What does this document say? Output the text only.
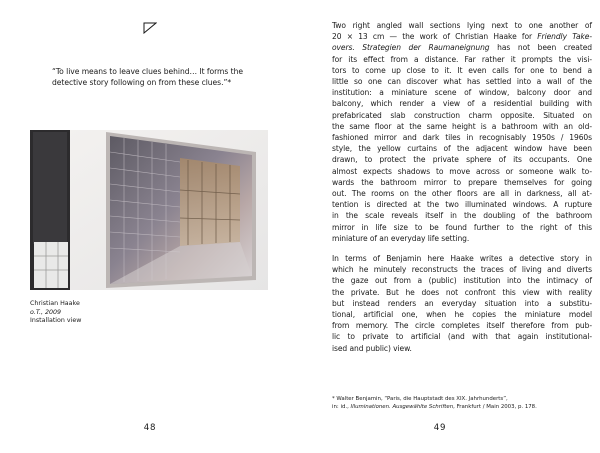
“To live means to leave clues behind… It forms the detective story following on from these clues.”*
Christian Haake
o.T., 2009
Installation view
48
Two right angled wall sections lying next to one another of
20 × 13 cm — the work of Christian Haake for Friendly Take-
overs. Strategien der Raumaneignung has not been created
for its effect from a distance. Far rather it prompts the visi-
tors to come up close to it. It even calls for one to bend a
little so one can discover what has settled into a wall of the
institution: a miniature scene of window, balcony door and
balcony, which render a view of a residential building with
prefabricated slab construction charm opposite. Situated on
the same floor at the same height is a bathroom with an old-
fashioned mirror and dark tiles in recognisably 1950s / 1960s
style, the yellow curtains of the adjacent window have been
drawn, to protect the private sphere of its occupants. One
almost expects shadows to move across or someone walk to-
wards the bathroom mirror to prepare themselves for going
out. The rooms on the other floors are all in darkness, all at-
tention is directed at the two illuminated windows. A rupture
in the scale reveals itself in the doubling of the bathroom
mirror in life size to be found further to the right of this
miniature of an everyday life setting.
In terms of Benjamin here Haake writes a detective story in
which he minutely reconstructs the traces of living and diverts
the gaze out from a (public) institution into the intimacy of
the private. But he does not confront this view with reality
but instead renders an everyday situation into a substitu-
tional, artificial one, when he copies the miniature model
from memory. The circle completes itself therefore from pub-
lic to private to artificial (and with that again institutional-
ised and public) view.
* Walter Benjamin, “Paris, die Hauptstadt des XIX. Jahrhunderts”,
in: id., Illuminationen. Ausgewählte Schriften, Frankfurt / Main 2003, p. 178.
49
